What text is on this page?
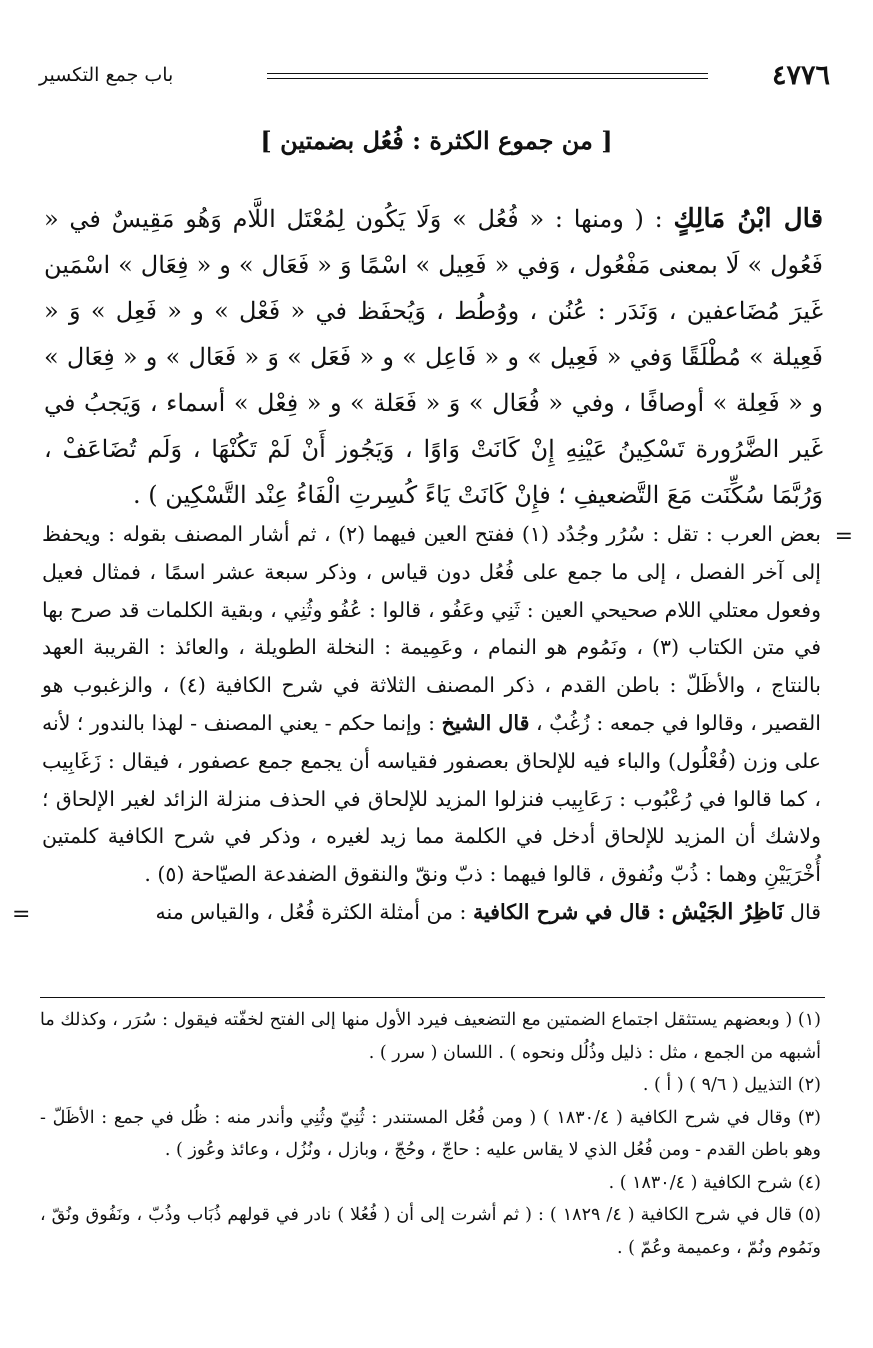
٤٧٧٦
باب جمع التكسير
[ من جموع الكثرة : فُعُل بضمتين ]

قال ابْنُ مَالِكٍ : ( ومنها : « فُعُل » وَلَا يَكُون لِمُعْتَل اللَّام وَهُو مَقِيسٌ في « فَعُول » لَا بمعنى مَفْعُول ، وَفي « فَعِيل » اسْمًا وَ « فَعَال » و « فِعَال » اسْمَين غَيرَ مُضَاعفين ، وَنَدَر : عُنُن ، ووُطُط ، وَيُحفَظ في « فَعْل » و « فَعِل » وَ « فَعِيلة » مُطْلَقًا وَفي « فَعِيل » و « فَاعِل » و « فَعَل » وَ « فَعَال » و « فِعَال » و « فَعِلة » أوصافًا ، وفي « فُعَال » وَ « فَعَلة » و « فِعْل » أسماء ، وَيَجبُ في غَير الضَّرُورة تَسْكِينُ عَيْنِهِ إِنْ كَانَتْ وَاوًا ، وَيَجُوز أَنْ لَمْ تَكُنْهَا ، وَلَم تُضَاعَفْ ، وَرُبَّمَا سُكِّنَت مَعَ التَّضعيفِ ؛ فإِنْ كَانَتْ يَاءً كُسِرتِ الْفَاءُ عِنْد التَّسْكِين ) .

=

بعض العرب : تقل : سُرُر وجُدُد (١) ففتح العين فيهما (٢) ، ثم أشار المصنف بقوله : ويحفظ إلى آخر الفصل ، إلى ما جمع على فُعُل دون قياس ، وذكر سبعة عشر اسمًا ، فمثال فعيل وفعول معتلي اللام صحيحي العين : ثَنِي وعَفُو ، قالوا : عُفُو وثُنِي ، وبقية الكلمات قد صرح بها في متن الكتاب (٣) ، ونَمُوم هو النمام ، وعَمِيمة : النخلة الطويلة ، والعائذ : القريبة العهد بالنتاج ، والأظَلّ : باطن القدم ، ذكر المصنف الثلاثة في شرح الكافية (٤) ، والزغبوب هو القصير ، وقالوا في جمعه : زُغُبٌ ، قال الشيخ : وإنما حكم - يعني المصنف - لهذا بالندور ؛ لأنه على وزن (فُعْلُول) والباء فيه للإلحاق بعصفور فقياسه أن يجمع جمع عصفور ، فيقال : زَغَابِيب ، كما قالوا في رُعْبُوب : رَعَابِيب فنزلوا المزيد للإلحاق في الحذف منزلة الزائد لغير الإلحاق ؛ ولاشك أن المزيد للإلحاق أدخل في الكلمة مما زيد لغيره ، وذكر في شرح الكافية كلمتين أُخْرَيَيْنِ وهما : ذُبّ ونُفوق ، قالوا فيهما : ذبّ ونقّ والنقوق الضفدعة الصيّاحة (٥) .

قال نَاظِرُ الجَيْش : قال في شرح الكافية : من أمثلة الكثرة فُعُل ، والقياس منه

=

(١) ( وبعضهم يستثقل اجتماع الضمتين مع التضعيف فيرد الأول منها إلى الفتح لخفّته فيقول : سُرَر ، وكذلك ما أشبهه من الجمع ، مثل : ذليل وذُلُل ونحوه ) . اللسان ( سرر ) .

(٢) التذييل ( ٩/٦ ) ( أ ) .

(٣) وقال في شرح الكافية ( ١٨٣٠/٤ ) ( ومن فُعُل المستندر : ثُنِيّ وثُنِي وأندر منه : ظُل في جمع : الأظَلّ - وهو باطن القدم - ومن فُعُل الذي لا يقاس عليه : حاجّ ، وحُجّ ، وبازل ، ونُزُل ، وعائذ وعُوز ) .

(٤) شرح الكافية ( ١٨٣٠/٤ ) .

(٥) قال في شرح الكافية ( ٤/ ١٨٢٩ ) : ( ثم أشرت إلى أن ( فُعُلا ) نادر في قولهم ذُبَاب وذُبّ ، ونَفُوق ونُقّ ، ونَمُوم ونُمّ ، وعميمة وعُمّ ) .
